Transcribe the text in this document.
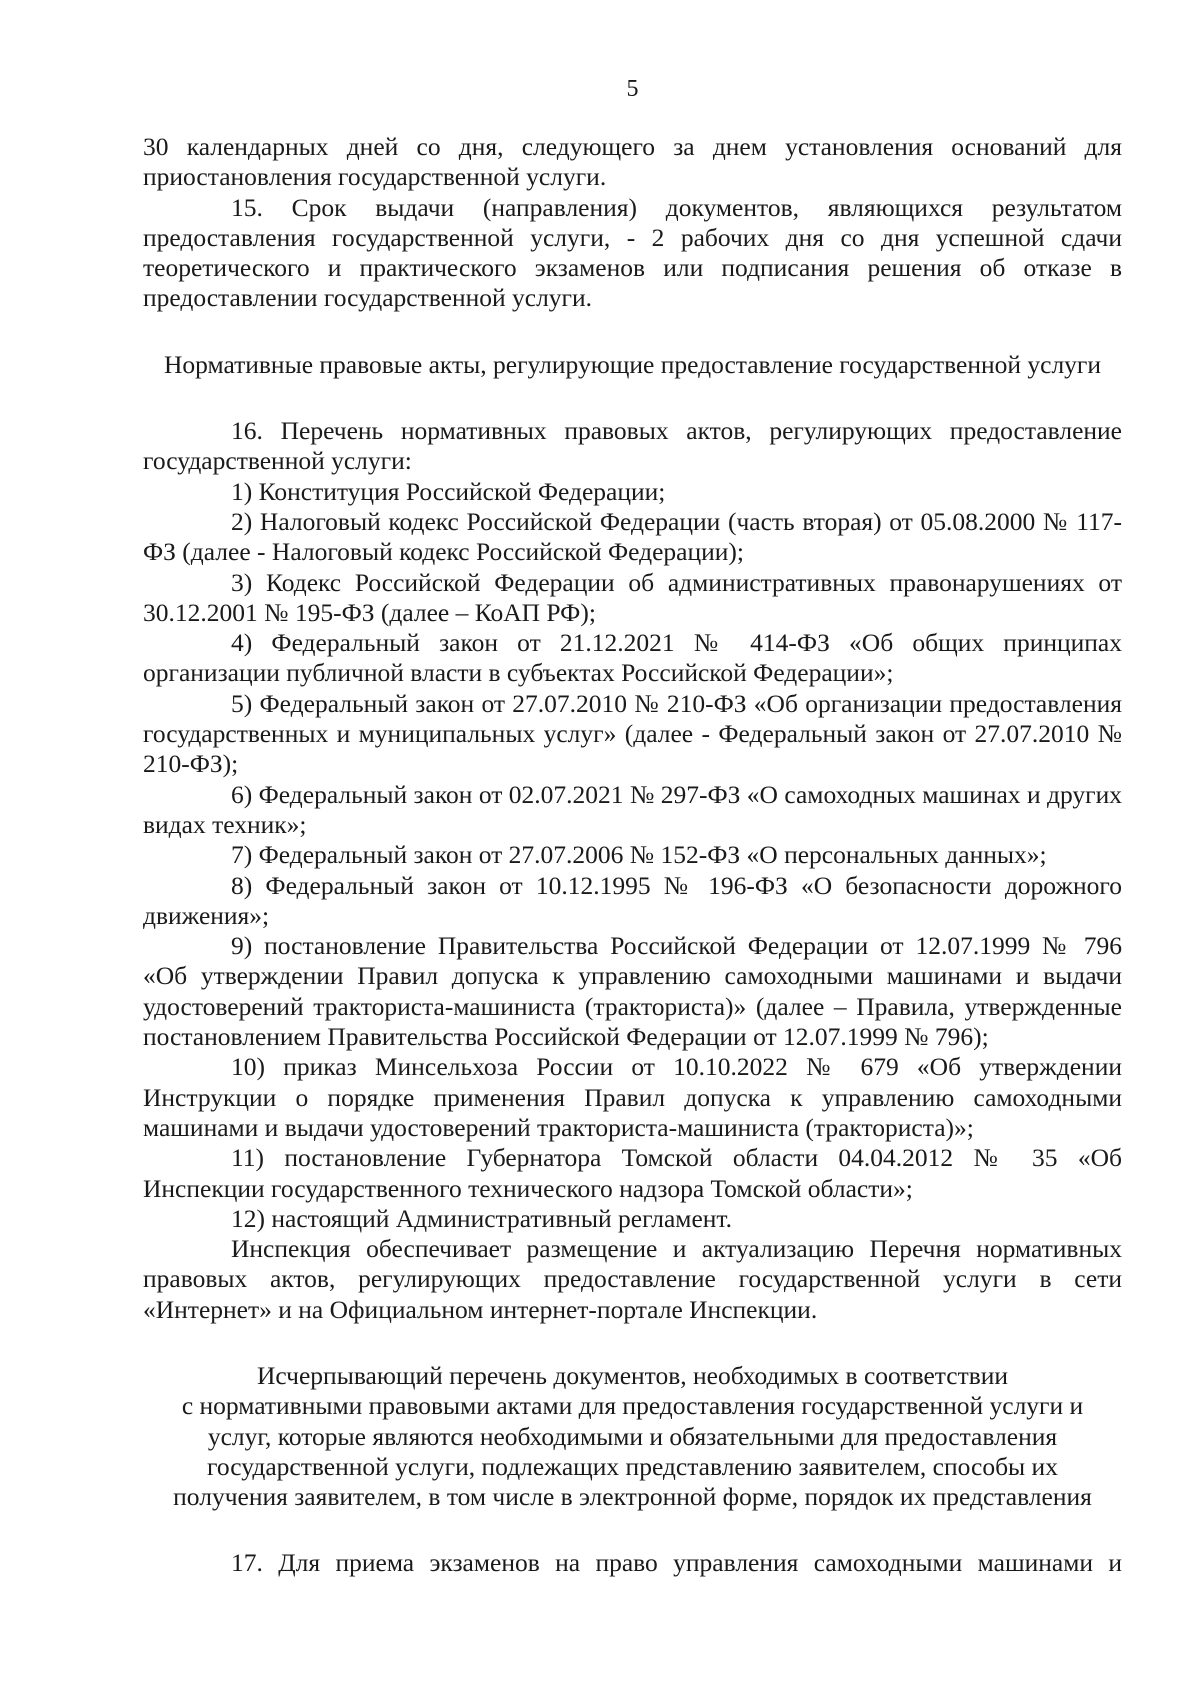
5

30 календарных дней со дня, следующего за днем установления оснований для приостановления государственной услуги.

15. Срок выдачи (направления) документов, являющихся результатом предоставления государственной услуги, - 2 рабочих дня со дня успешной сдачи теоретического и практического экзаменов или подписания решения об отказе в предоставлении государственной услуги.

Нормативные правовые акты, регулирующие предоставление государственной услуги

16. Перечень нормативных правовых актов, регулирующих предоставление государственной услуги:

1) Конституция Российской Федерации;

2) Налоговый кодекс Российской Федерации (часть вторая) от 05.08.2000 № 117-ФЗ (далее - Налоговый кодекс Российской Федерации);

3) Кодекс Российской Федерации об административных правонарушениях от 30.12.2001 № 195-ФЗ (далее – КоАП РФ);

4) Федеральный закон от 21.12.2021 № 414-ФЗ «Об общих принципах организации публичной власти в субъектах Российской Федерации»;

5) Федеральный закон от 27.07.2010 № 210-ФЗ «Об организации предоставления государственных и муниципальных услуг» (далее - Федеральный закон от 27.07.2010 № 210-ФЗ);

6) Федеральный закон от 02.07.2021 № 297-ФЗ «О самоходных машинах и других видах техник»;

7) Федеральный закон от 27.07.2006 № 152-ФЗ «О персональных данных»;

8) Федеральный закон от 10.12.1995 № 196-ФЗ «О безопасности дорожного движения»;

9) постановление Правительства Российской Федерации от 12.07.1999 № 796 «Об утверждении Правил допуска к управлению самоходными машинами и выдачи удостоверений тракториста-машиниста (тракториста)» (далее – Правила, утвержденные постановлением Правительства Российской Федерации от 12.07.1999 № 796);

10) приказ Минсельхоза России от 10.10.2022 № 679 «Об утверждении Инструкции о порядке применения Правил допуска к управлению самоходными машинами и выдачи удостоверений тракториста-машиниста (тракториста)»;

11) постановление Губернатора Томской области 04.04.2012 № 35 «Об Инспекции государственного технического надзора Томской области»;

12) настоящий Административный регламент.

Инспекция обеспечивает размещение и актуализацию Перечня нормативных правовых актов, регулирующих предоставление государственной услуги в сети «Интернет» и на Официальном интернет-портале Инспекции.

Исчерпывающий перечень документов, необходимых в соответствии

с нормативными правовыми актами для предоставления государственной услуги и

услуг, которые являются необходимыми и обязательными для предоставления

государственной услуги, подлежащих представлению заявителем, способы их

получения заявителем, в том числе в электронной форме, порядок их представления

17. Для приема экзаменов на право управления самоходными машинами и
